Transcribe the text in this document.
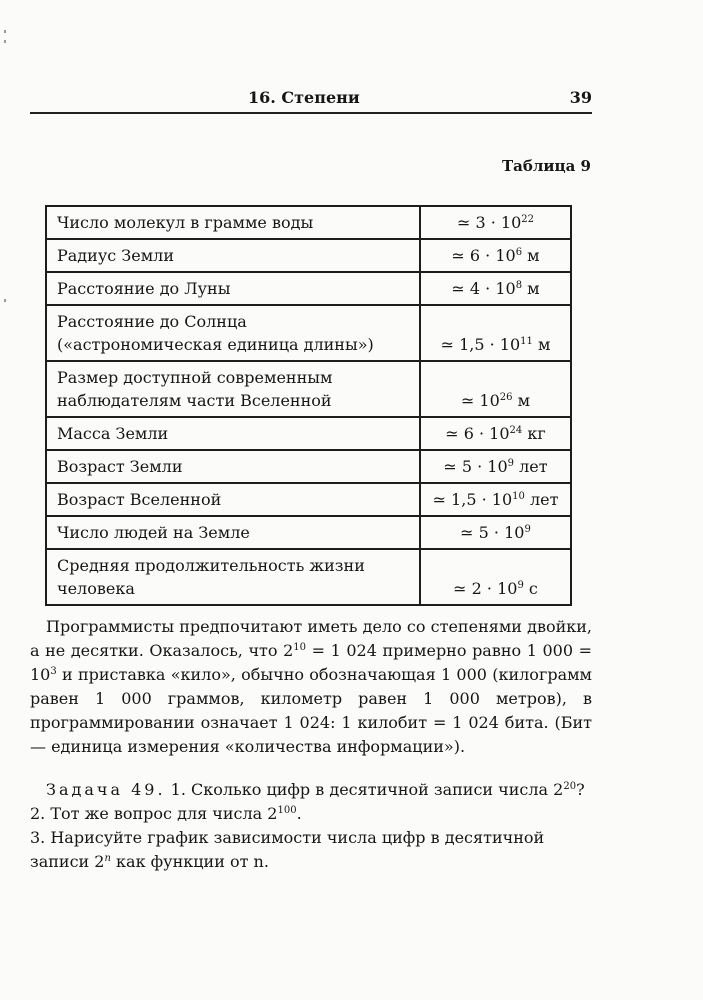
16. Степени	39
Таблица 9
Число молекул в грамме воды	≃ $3 \cdot 10^{22}$
Радиус Земли	≃ $6 \cdot 10^6$ м
Расстояние до Луны	≃ $4 \cdot 10^8$ м
Расстояние до Солнца («астрономическая единица длины»)	≃ $1,5 \cdot 10^{11}$ м
Размер доступной современным наблюдателям части Вселенной	≃ $10^{26}$ м
Масса Земли	≃ $6 \cdot 10^{24}$ кг
Возраст Земли	≃ $5 \cdot 10^9$ лет
Возраст Вселенной	≃ $1,5 \cdot 10^{10}$ лет
Число людей на Земле	≃ $5 \cdot 10^9$
Средняя продолжительность жизни человека	≃ $2 \cdot 10^9$ с
 Программисты предпочитают иметь дело со степенями двойки, а не десятки. Оказалось, что $2^{10} = 1$ 024 примерно равно 1 $000 = 10^3$ и приставка «кило», обычно обозначающая 1 000 (килограмм равен 1 000 граммов, километр равен 1 000 метров), в программировании означает 1 024: 1 килобит = 1 024 бита. (Бит — единица измерения «количества информации»).

 Задача 49. 1. Сколько цифр в десятичной записи числа $2^{20}$?

2. Тот же вопрос для числа $2^{100}$.

3. Нарисуйте график зависимости числа цифр в десятичной записи 2$^n$ как функции от n.
